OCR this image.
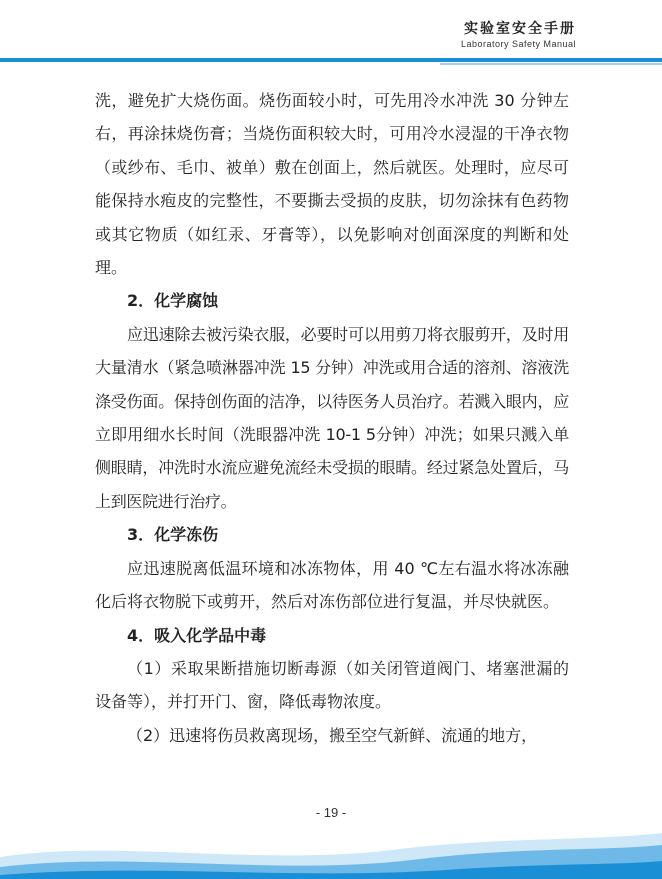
实验室安全手册
Laboratory Safety Manual

洗，避免扩大烧伤面。烧伤面较小时，可先用冷水冲洗 30 分钟左右，再涂抹烧伤膏；当烧伤面积较大时，可用冷水浸湿的干净衣物（或纱布、毛巾、被单）敷在创面上，然后就医。处理时，应尽可能保持水疱皮的完整性，不要撕去受损的皮肤，切勿涂抹有色药物或其它物质（如红汞、牙膏等），以免影响对创面深度的判断和处理。

2．化学腐蚀

应迅速除去被污染衣服，必要时可以用剪刀将衣服剪开，及时用大量清水（紧急喷淋器冲洗 15 分钟）冲洗或用合适的溶剂、溶液洗涤受伤面。保持创伤面的洁净，以待医务人员治疗。若溅入眼内，应立即用细水长时间（洗眼器冲洗 10-1 5分钟）冲洗；如果只溅入单侧眼睛，冲洗时水流应避免流经未受损的眼睛。经过紧急处置后，马上到医院进行治疗。

3．化学冻伤

应迅速脱离低温环境和冰冻物体，用 40 ℃左右温水将冰冻融化后将衣物脱下或剪开，然后对冻伤部位进行复温，并尽快就医。

4．吸入化学品中毒

（1）采取果断措施切断毒源（如关闭管道阀门、堵塞泄漏的设备等），并打开门、窗，降低毒物浓度。

（2）迅速将伤员救离现场，搬至空气新鲜、流通的地方，

- 19 -
